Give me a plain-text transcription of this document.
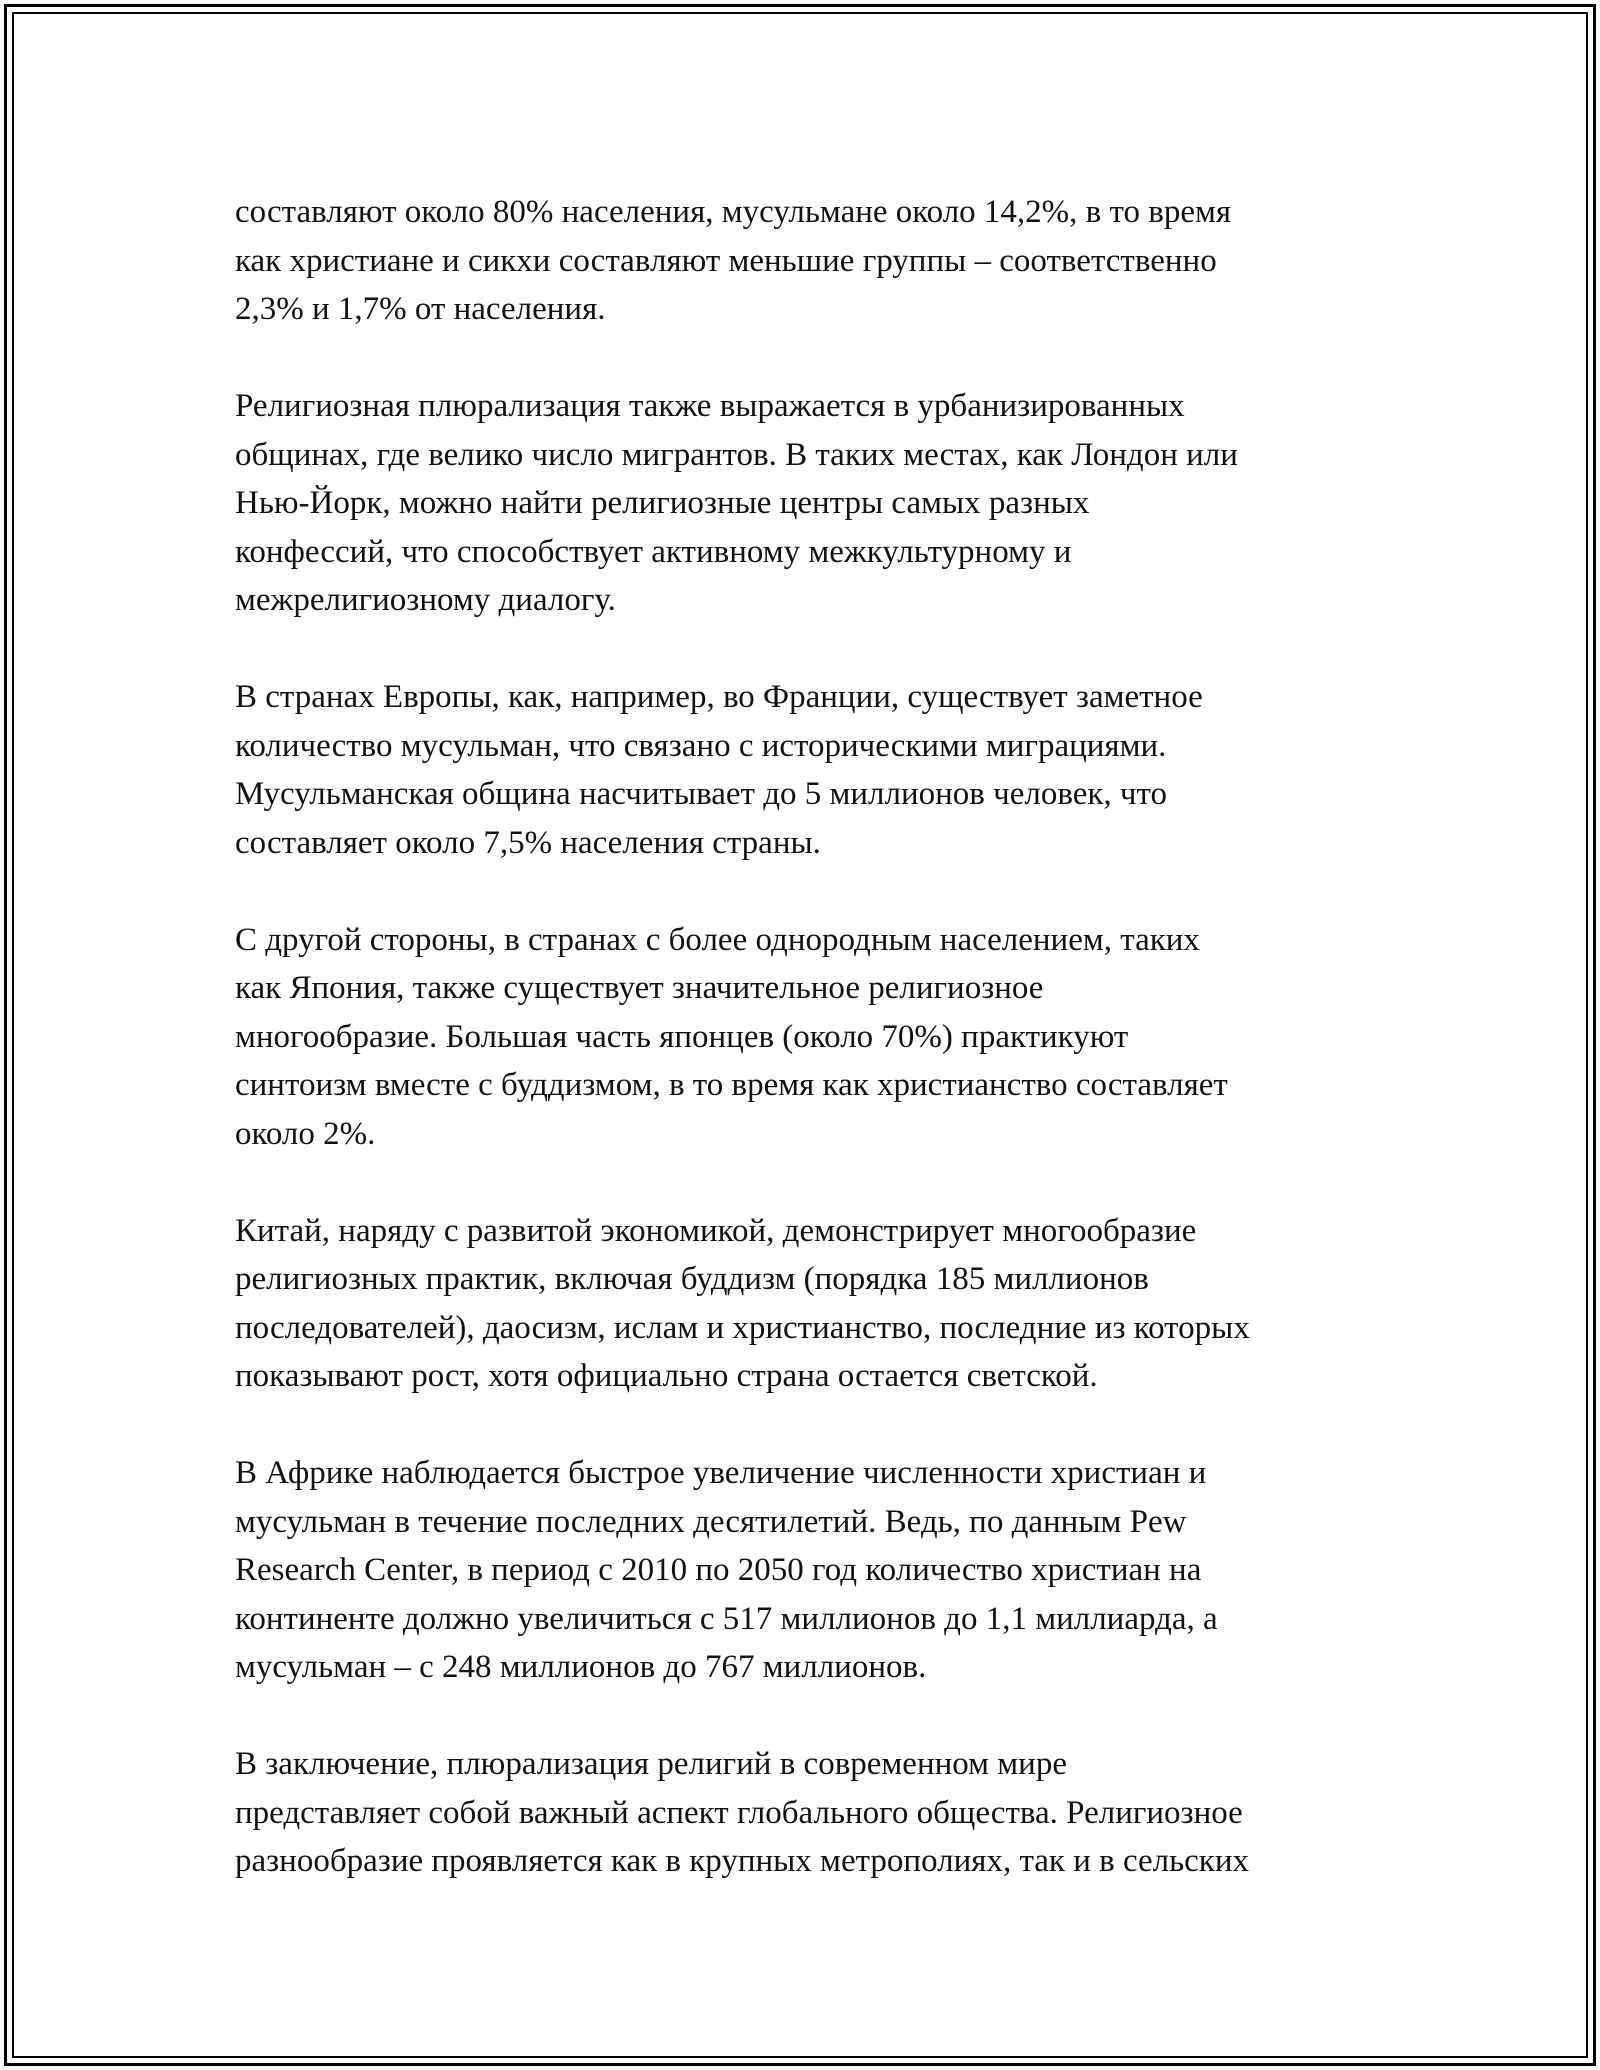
составляют около 80% населения, мусульмане около 14,2%, в то время
как христиане и сикхи составляют меньшие группы – соответственно
2,3% и 1,7% от населения.

Религиозная плюрализация также выражается в урбанизированных
общинах, где велико число мигрантов. В таких местах, как Лондон или
Нью-Йорк, можно найти религиозные центры самых разных
конфессий, что способствует активному межкультурному и
межрелигиозному диалогу.

В странах Европы, как, например, во Франции, существует заметное
количество мусульман, что связано с историческими миграциями.
Мусульманская община насчитывает до 5 миллионов человек, что
составляет около 7,5% населения страны.

С другой стороны, в странах с более однородным населением, таких
как Япония, также существует значительное религиозное
многообразие. Большая часть японцев (около 70%) практикуют
синтоизм вместе с буддизмом, в то время как христианство составляет
около 2%.

Китай, наряду с развитой экономикой, демонстрирует многообразие
религиозных практик, включая буддизм (порядка 185 миллионов
последователей), даосизм, ислам и христианство, последние из которых
показывают рост, хотя официально страна остается светской.

В Африке наблюдается быстрое увеличение численности христиан и
мусульман в течение последних десятилетий. Ведь, по данным Pew
Research Center, в период с 2010 по 2050 год количество христиан на
континенте должно увеличиться с 517 миллионов до 1,1 миллиарда, а
мусульман – с 248 миллионов до 767 миллионов.

В заключение, плюрализация религий в современном мире
представляет собой важный аспект глобального общества. Религиозное
разнообразие проявляется как в крупных метрополиях, так и в сельских
